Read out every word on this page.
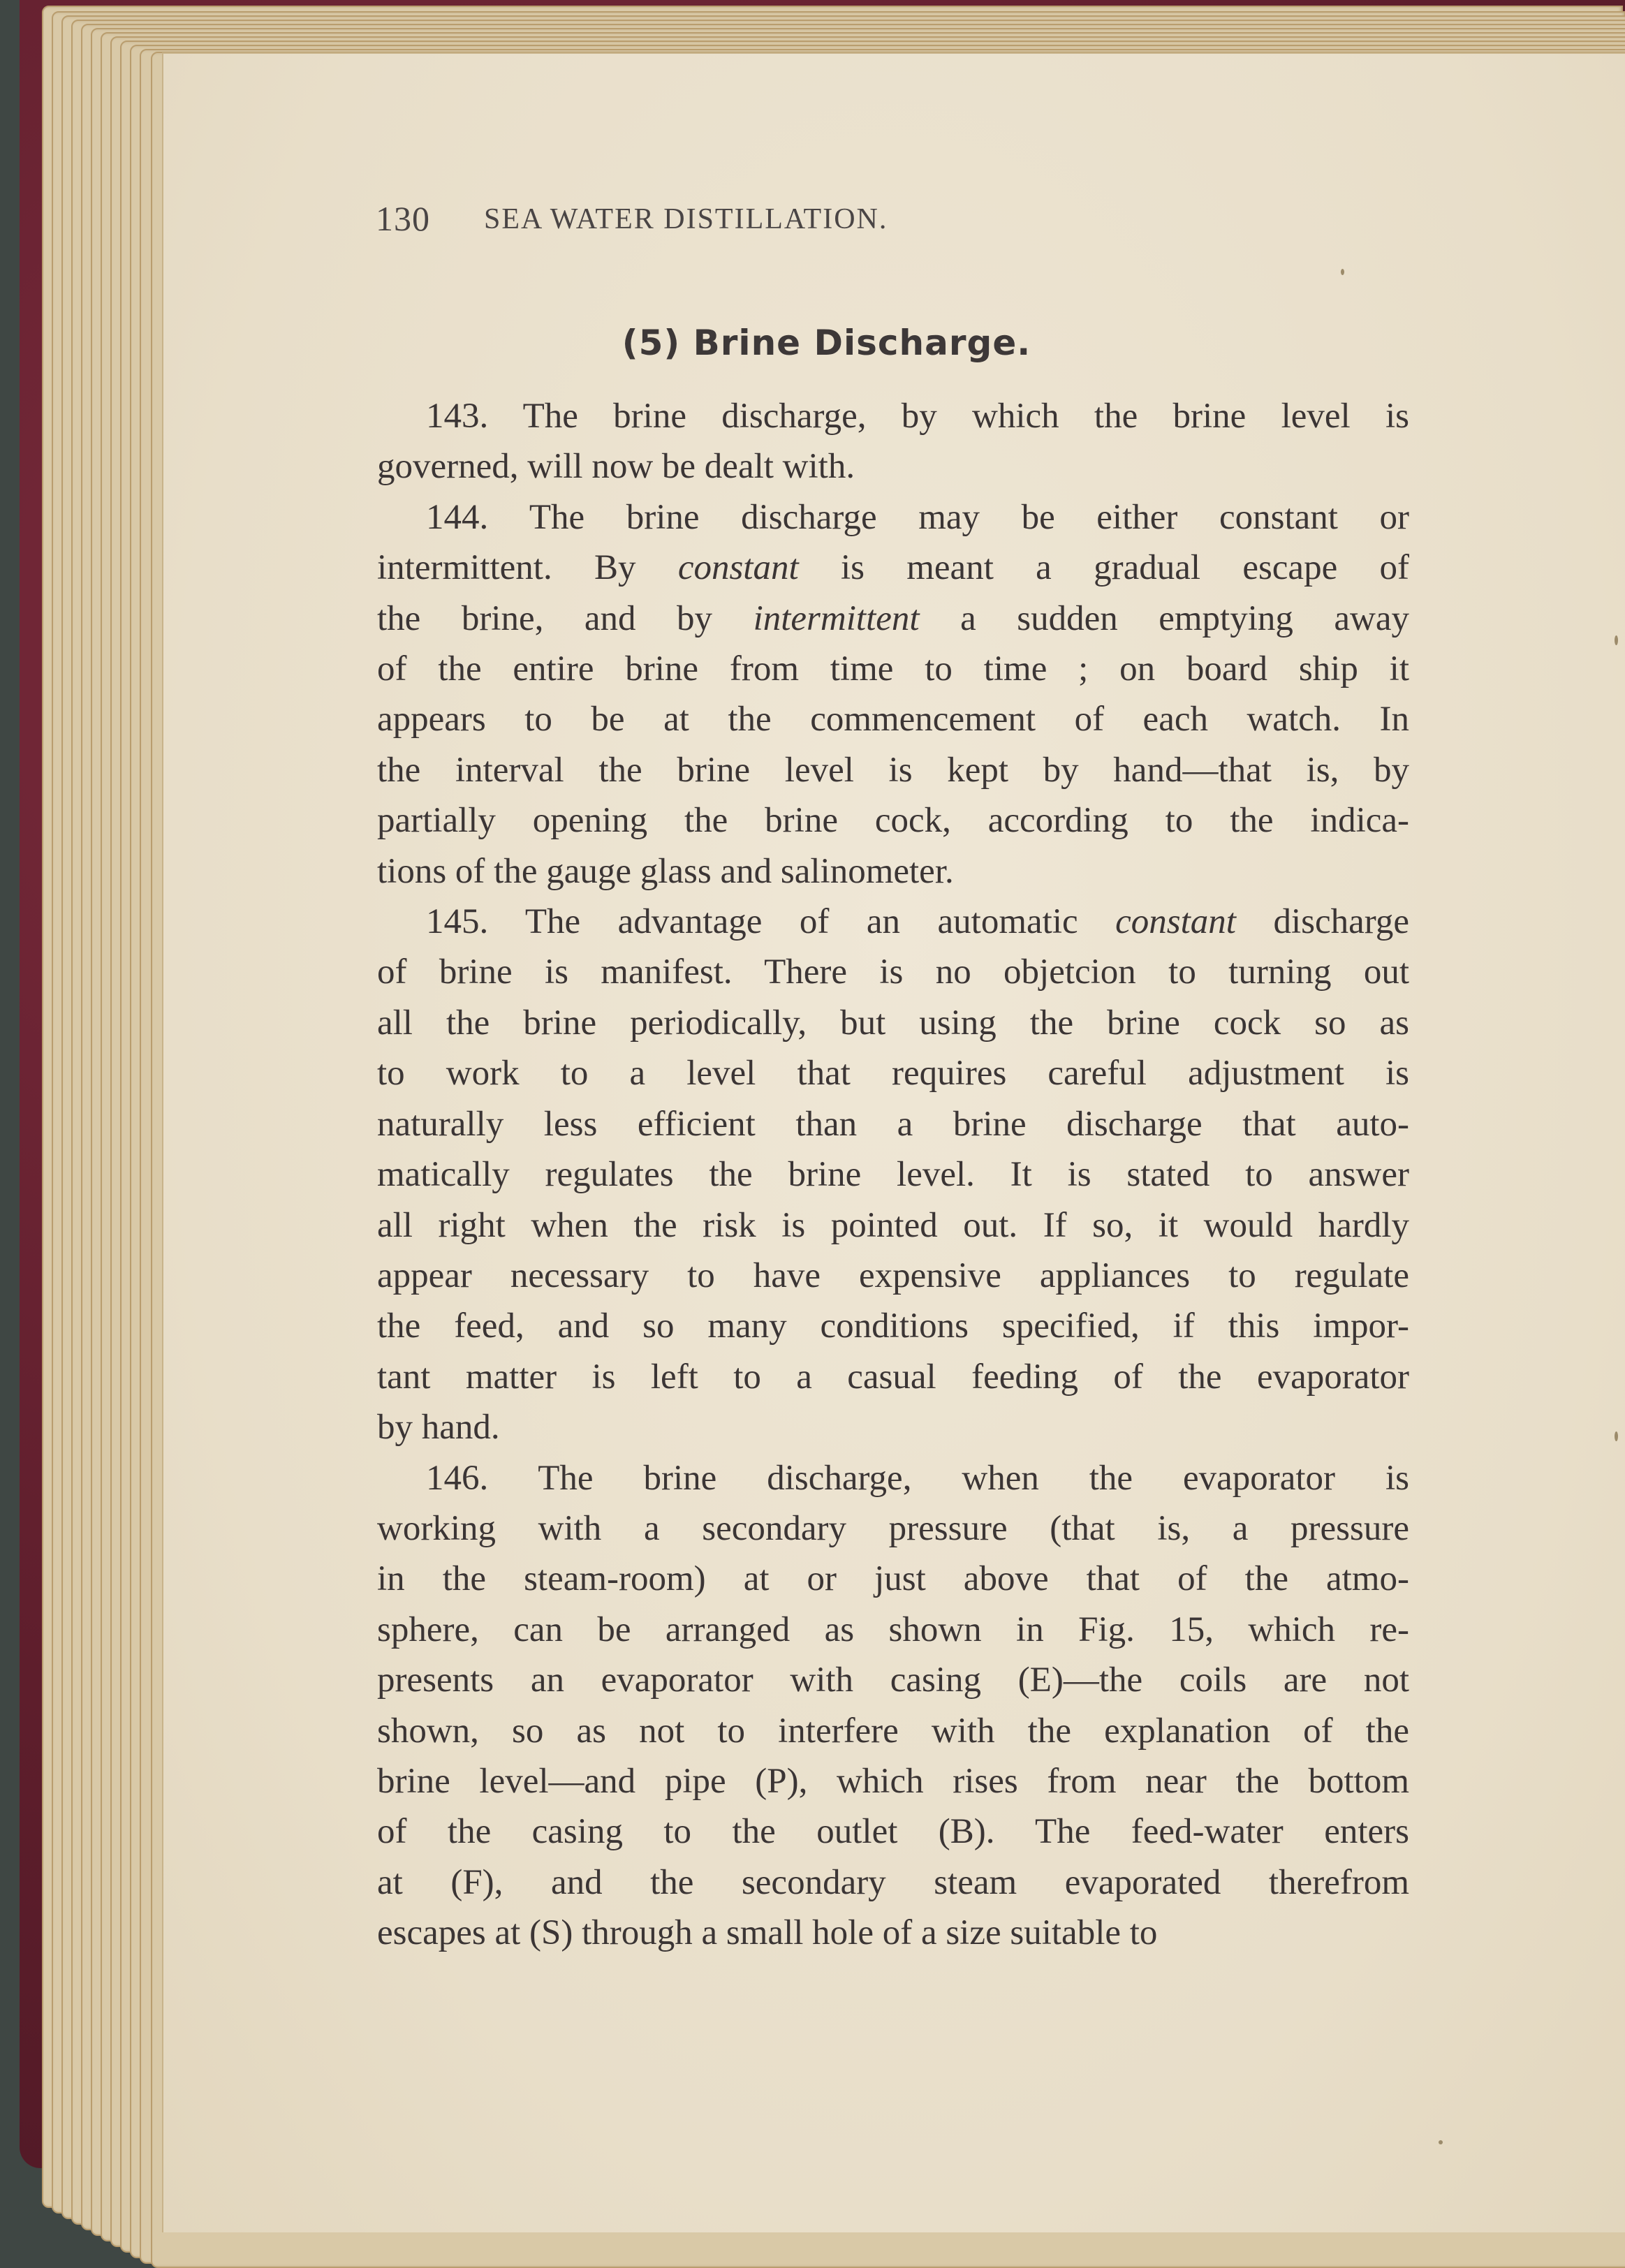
130 SEA WATER DISTILLATION.
(5) Brine Discharge.
143. The brine discharge, by which the brine level is
governed, will now be dealt with.
144. The brine discharge may be either constant or
intermittent. By constant is meant a gradual escape of
the brine, and by intermittent a sudden emptying away
of the entire brine from time to time ; on board ship it
appears to be at the commencement of each watch. In
the interval the brine level is kept by hand—that is, by
partially opening the brine cock, according to the indica-
tions of the gauge glass and salinometer.
145. The advantage of an automatic constant discharge
of brine is manifest. There is no objetcion to turning out
all the brine periodically, but using the brine cock so as
to work to a level that requires careful adjustment is
naturally less efficient than a brine discharge that auto-
matically regulates the brine level. It is stated to answer
all right when the risk is pointed out. If so, it would hardly
appear necessary to have expensive appliances to regulate
the feed, and so many conditions specified, if this impor-
tant matter is left to a casual feeding of the evaporator
by hand.
146. The brine discharge, when the evaporator is
working with a secondary pressure (that is, a pressure
in the steam-room) at or just above that of the atmo-
sphere, can be arranged as shown in Fig. 15, which re-
presents an evaporator with casing (E)—the coils are not
shown, so as not to interfere with the explanation of the
brine level—and pipe (P), which rises from near the bottom
of the casing to the outlet (B). The feed-water enters
at (F), and the secondary steam evaporated therefrom
escapes at (S) through a small hole of a size suitable to
